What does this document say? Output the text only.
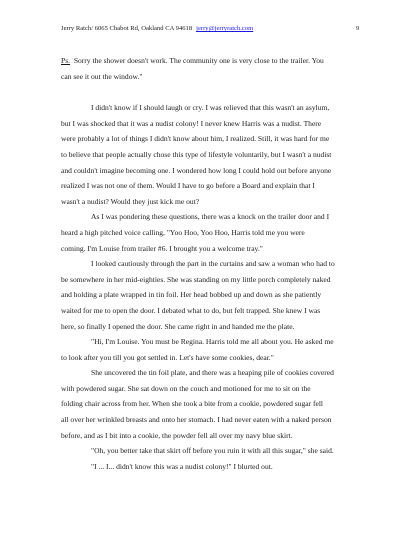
Jerry Ratch/ 6065 Chabot Rd, Oakland CA 94618 jerry@jerryratch.com	9

Ps. Sorry the shower doesn't work. The community one is very close to the trailer. You
can see it out the window."

I didn't know if I should laugh or cry. I was relieved that this wasn't an asylum,
but I was shocked that it was a nudist colony! I never knew Harris was a nudist. There
were probably a lot of things I didn't know about him, I realized. Still, it was hard for me
to believe that people actually chose this type of lifestyle voluntarily, but I wasn't a nudist
and couldn't imagine becoming one. I wondered how long I could hold out before anyone
realized I was not one of them. Would I have to go before a Board and explain that I
wasn't a nudist? Would they just kick me out?

As I was pondering these questions, there was a knock on the trailer door and I
heard a high pitched voice calling, "Yoo Hoo, Yoo Hoo, Harris told me you were
coming. I'm Louise from trailer #6. I brought you a welcome tray."

I looked cautiously through the part in the curtains and saw a woman who had to
be somewhere in her mid-eighties. She was standing on my little porch completely naked
and holding a plate wrapped in tin foil. Her head bobbed up and down as she patiently
waited for me to open the door. I debated what to do, but felt trapped. She knew I was
here, so finally I opened the door. She came right in and handed me the plate.

"Hi, I'm Louise. You must be Regina. Harris told me all about you. He asked me
to look after you till you got settled in. Let's have some cookies, dear."

She uncovered the tin foil plate, and there was a heaping pile of cookies covered
with powdered sugar. She sat down on the couch and motioned for me to sit on the
folding chair across from her. When she took a bite from a cookie, powdered sugar fell
all over her wrinkled breasts and onto her stomach. I had never eaten with a naked person
before, and as I bit into a cookie, the powder fell all over my navy blue skirt.

"Oh, you better take that skirt off before you ruin it with all this sugar," she said.

"I ... I... didn't know this was a nudist colony!" I blurted out.
